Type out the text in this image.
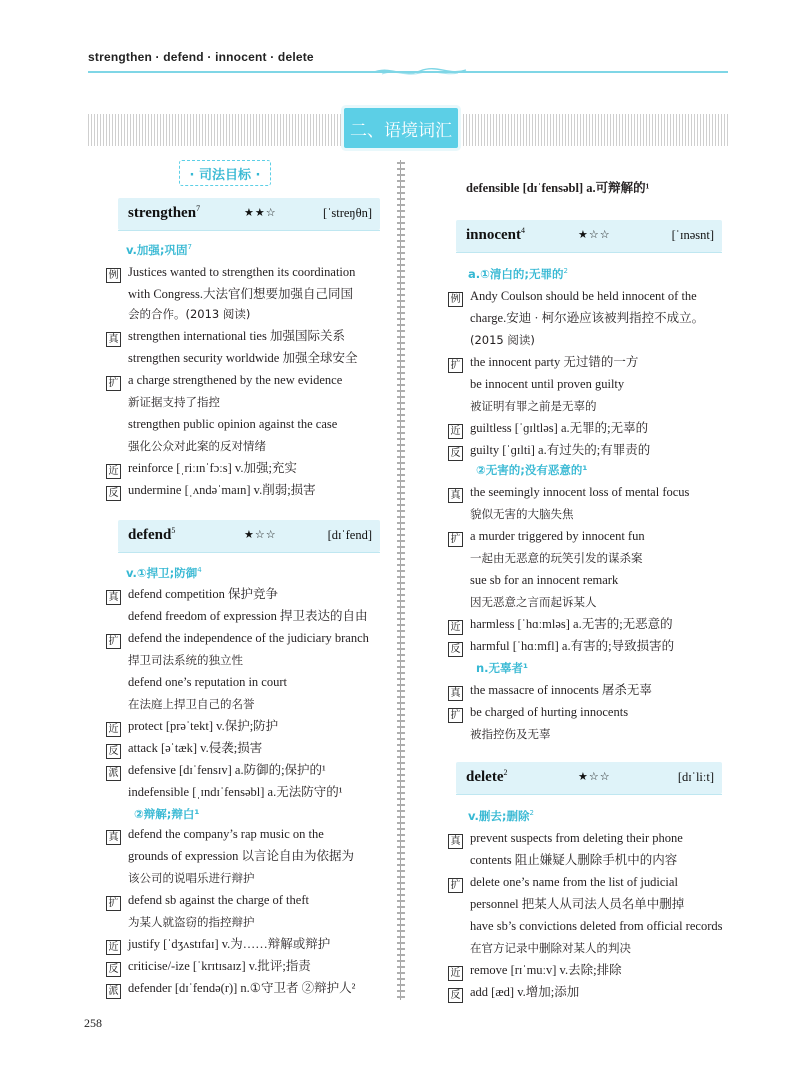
strengthen · defend · innocent · delete
二、语境词汇
· 司法目标 ·
strengthen$^7$	★★☆	[ˈstreŋθn]
v.加强;巩固$^7$
例 Justices wanted to strengthen its coordination
with Congress.大法官们想要加强自己同国
会的合作。(2013 阅读)
真 strengthen international ties 加强国际关系
strengthen security worldwide 加强全球安全
扩 a charge strengthened by the new evidence
新证据支持了指控
strengthen public opinion against the case
强化公众对此案的反对情绪
近 reinforce [ˌriːɪnˈfɔːs] v.加强;充实
反 undermine [ˌʌndəˈmaɪn] v.削弱;损害
defend$^5$	★☆☆	[dɪˈfend]
v.①捍卫;防御$^4$
真 defend competition 保护竞争
defend freedom of expression 捍卫表达的自由
扩 defend the independence of the judiciary branch
捍卫司法系统的独立性
defend one’s reputation in court
在法庭上捍卫自己的名誉
近 protect [prəˈtekt] v.保护;防护
反 attack [əˈtæk] v.侵袭;损害
派 defensive [dɪˈfensɪv] a.防御的;保护的¹
indefensible [ˌɪndɪˈfensəbl] a.无法防守的¹
②辩解;辩白¹
真 defend the company’s rap music on the
grounds of expression 以言论自由为依据为
该公司的说唱乐进行辩护
扩 defend sb against the charge of theft
为某人就盗窃的指控辩护
近 justify [ˈdʒʌstɪfaɪ] v.为……辩解或辩护
反 criticise/-ize [ˈkrɪtɪsaɪz] v.批评;指责
派 defender [dɪˈfendə(r)] n.①守卫者 ②辩护人²
defensible [dɪˈfensəbl] a.可辩解的¹
innocent$^4$	★☆☆	[ˈɪnəsnt]
a.①清白的;无罪的$^2$
例 Andy Coulson should be held innocent of the
charge.安迪 · 柯尔逊应该被判指控不成立。
(2015 阅读)
扩 the innocent party 无过错的一方
be innocent until proven guilty
被证明有罪之前是无辜的
近 guiltless [ˈɡɪltləs] a.无罪的;无辜的
反 guilty [ˈɡɪlti] a.有过失的;有罪责的
②无害的;没有恶意的¹
真 the seemingly innocent loss of mental focus
貌似无害的大脑失焦
扩 a murder triggered by innocent fun
一起由无恶意的玩笑引发的谋杀案
sue sb for an innocent remark
因无恶意之言而起诉某人
近 harmless [ˈhɑːmləs] a.无害的;无恶意的
反 harmful [ˈhɑːmfl] a.有害的;导致损害的
n.无辜者¹
真 the massacre of innocents 屠杀无辜
扩 be charged of hurting innocents
被指控伤及无辜
delete$^2$	★☆☆	[dɪˈliːt]
v.删去;删除$^2$
真 prevent suspects from deleting their phone
contents 阻止嫌疑人删除手机中的内容
扩 delete one’s name from the list of judicial
personnel 把某人从司法人员名单中删掉
have sb’s convictions deleted from official records
在官方记录中删除对某人的判决
近 remove [rɪˈmuːv] v.去除;排除
反 add [æd] v.增加;添加
258
